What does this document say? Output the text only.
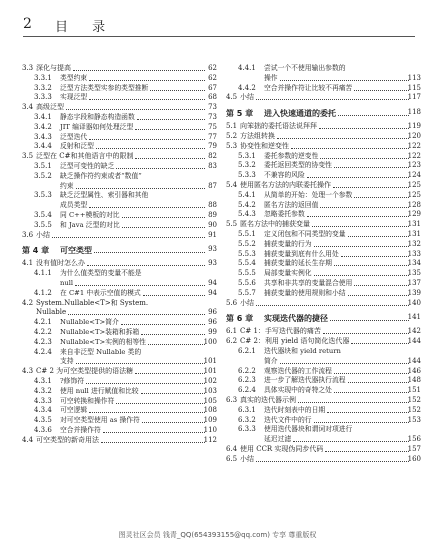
2 目 录
3.3 深化与提高	62
3.3.1 类型约束	62
3.3.2 泛型方法类型实参的类型推断	67
3.3.3 实现泛型	68
3.4 高级泛型	73
3.4.1 静态字段和静态构造函数	73
3.4.2 JIT 编译器如何处理泛型	75
3.4.3 泛型迭代	77
3.4.4 反射和泛型	79
3.5 泛型在 C#和其他语言中的限制	82
3.5.1 泛型可变性的缺乏	83
3.5.2 缺乏操作符约束或者“数值”
约束	87
3.5.3 缺乏泛型属性、索引器和其他
成员类型	88
3.5.4 同 C++模板的对比	89
3.5.5 和 Java 泛型的对比	90
3.6 小结	91
第 4 章 可空类型	93
4.1 没有值时怎么办	93
4.1.1 为什么值类型的变量不能是
null	94
4.1.2 在 C#1 中表示空值的模式	94
4.2 System.Nullable<T>和 System.
Nullable	96
4.2.1 Nullable<T>简介	96
4.2.2 Nullable<T>装箱和拆箱	99
4.2.3 Nullable<T>实例的相等性	100
4.2.4 来自非泛型 Nullable 类的
支持	101
4.3 C# 2 为可空类型提供的语法糖	101
4.3.1 ?修饰符	102
4.3.2 使用 null 进行赋值和比较	103
4.3.3 可空转换和操作符	105
4.3.4 可空逻辑	108
4.3.5 对可空类型使用 as 操作符	109
4.3.6 空合并操作符	110
4.4 可空类型的新奇用法	112
4.4.1 尝试一个不使用输出参数的
操作	113
4.4.2 空合并操作符让比较不再痛苦	115
4.5 小结	117
第 5 章 进入快速通道的委托	118
5.1 向笨拙的委托语法说拜拜	119
5.2 方法组转换	120
5.3 协变性和逆变性	122
5.3.1 委托参数的逆变性	122
5.3.2 委托返回类型的协变性	123
5.3.3 不兼容的风险	124
5.4 使用匿名方法的内联委托操作	125
5.4.1 从简单的开始：处理一个参数	125
5.4.2 匿名方法的返回值	128
5.4.3 忽略委托参数	129
5.5 匿名方法中的捕获变量	131
5.5.1 定义闭包和不同类型的变量	131
5.5.2 捕获变量的行为	132
5.5.3 捕获变量到底有什么用处	133
5.5.4 捕获变量的延长生存期	134
5.5.5 局部变量实例化	135
5.5.6 共享和非共享的变量混合使用	137
5.5.7 捕获变量的使用规则和小结	139
5.6 小结	140
第 6 章 实现迭代器的捷径	141
6.1 C# 1：手写迭代器的痛苦	142
6.2 C# 2：利用 yield 语句简化迭代器	144
6.2.1 迭代器块和 yield return
简介	144
6.2.2 观察迭代器的工作流程	146
6.2.3 进一步了解迭代器执行流程	148
6.2.4 具体实现中的奇特之处	151
6.3 真实的迭代器示例	152
6.3.1 迭代时刻表中的日期	152
6.3.2 迭代文件中的行	153
6.3.3 使用迭代器块和谓词对项进行
延迟过滤	156
6.4 使用 CCR 实现伪同步代码	157
6.5 小结	160
图灵社区会员 钱青_QQ(654393155@qq.com) 专享 尊重版权
